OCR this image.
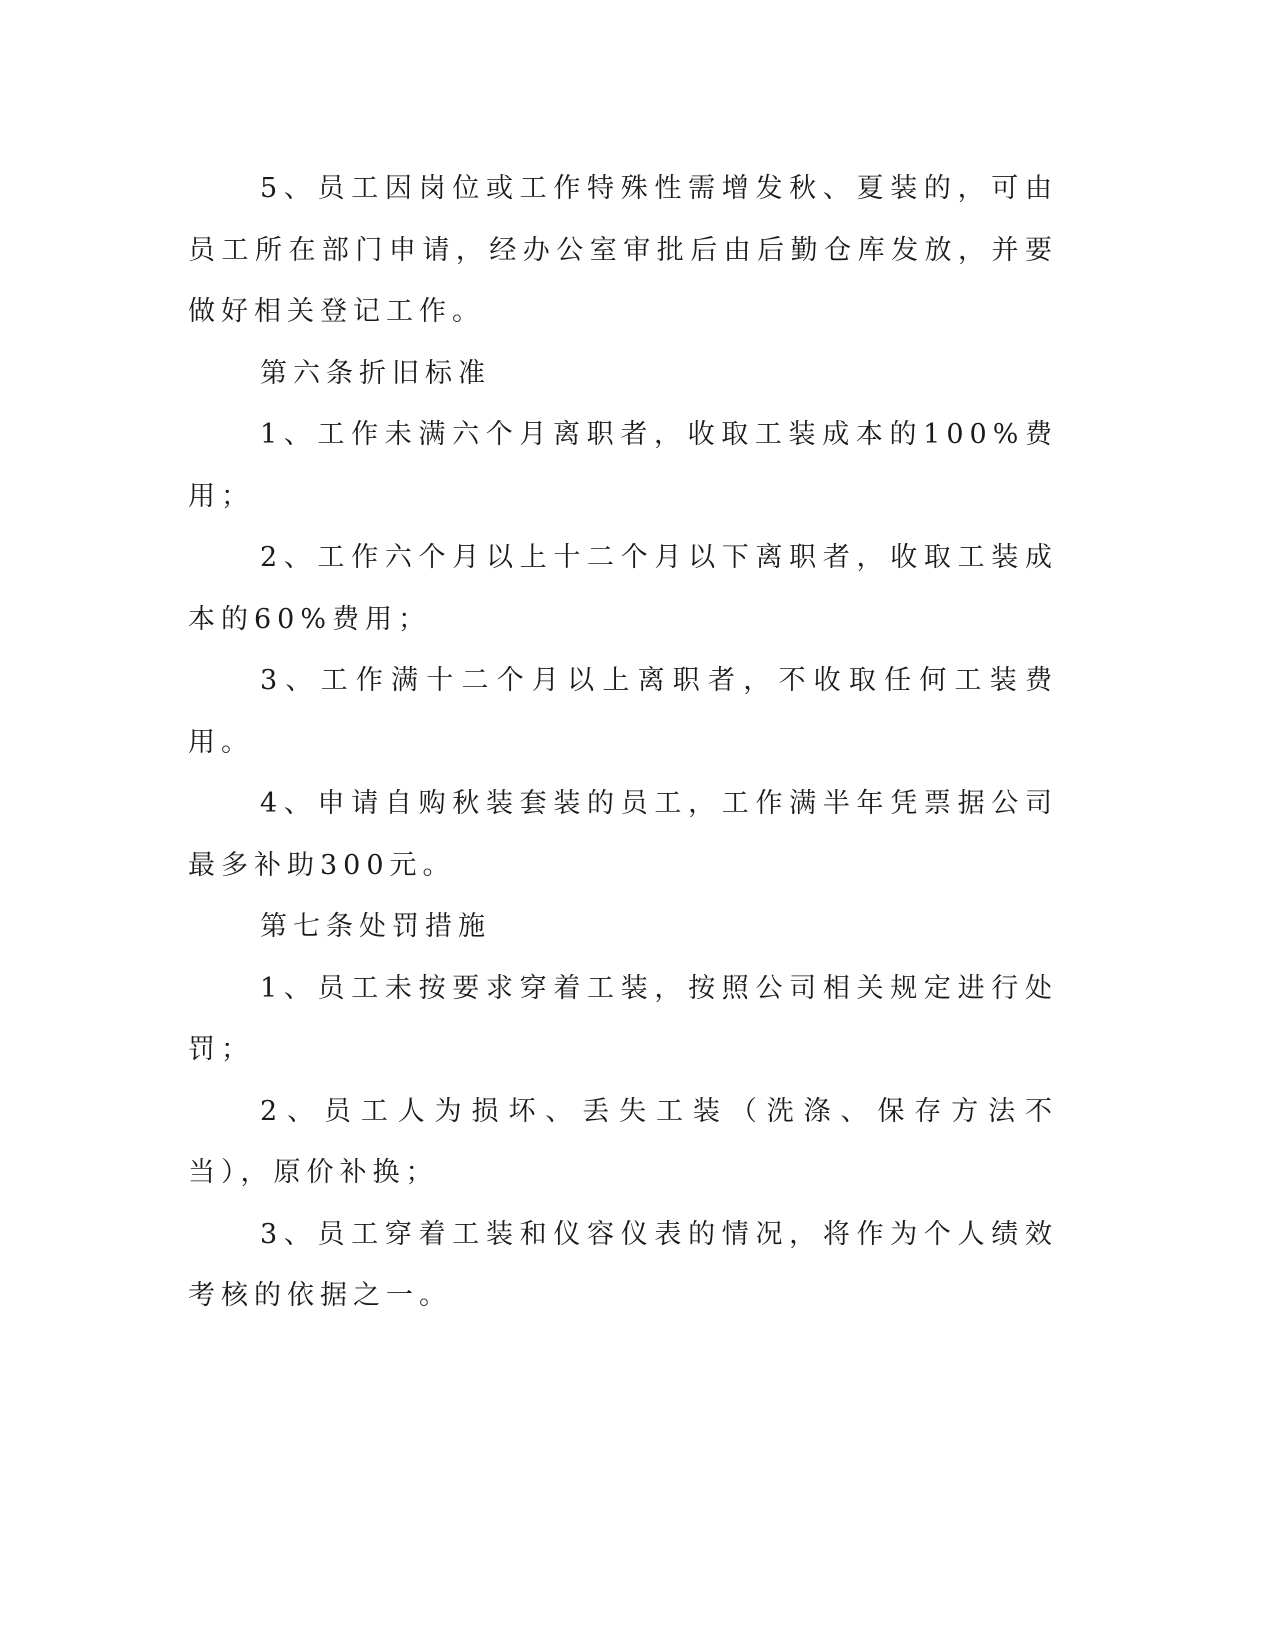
5、员工因岗位或工作特殊性需增发秋、夏装的，可由员工所在部门申请，经办公室审批后由后勤仓库发放，并要做好相关登记工作。

第六条折旧标准

1、工作未满六个月离职者，收取工装成本的100%费用；

2、工作六个月以上十二个月以下离职者，收取工装成本的60%费用；

3、工作满十二个月以上离职者，不收取任何工装费用。

4、申请自购秋装套装的员工，工作满半年凭票据公司最多补助300元。

第七条处罚措施

1、员工未按要求穿着工装，按照公司相关规定进行处罚；

2、员工人为损坏、丢失工装（洗涤、保存方法不当），原价补换；

3、员工穿着工装和仪容仪表的情况，将作为个人绩效考核的依据之一。
